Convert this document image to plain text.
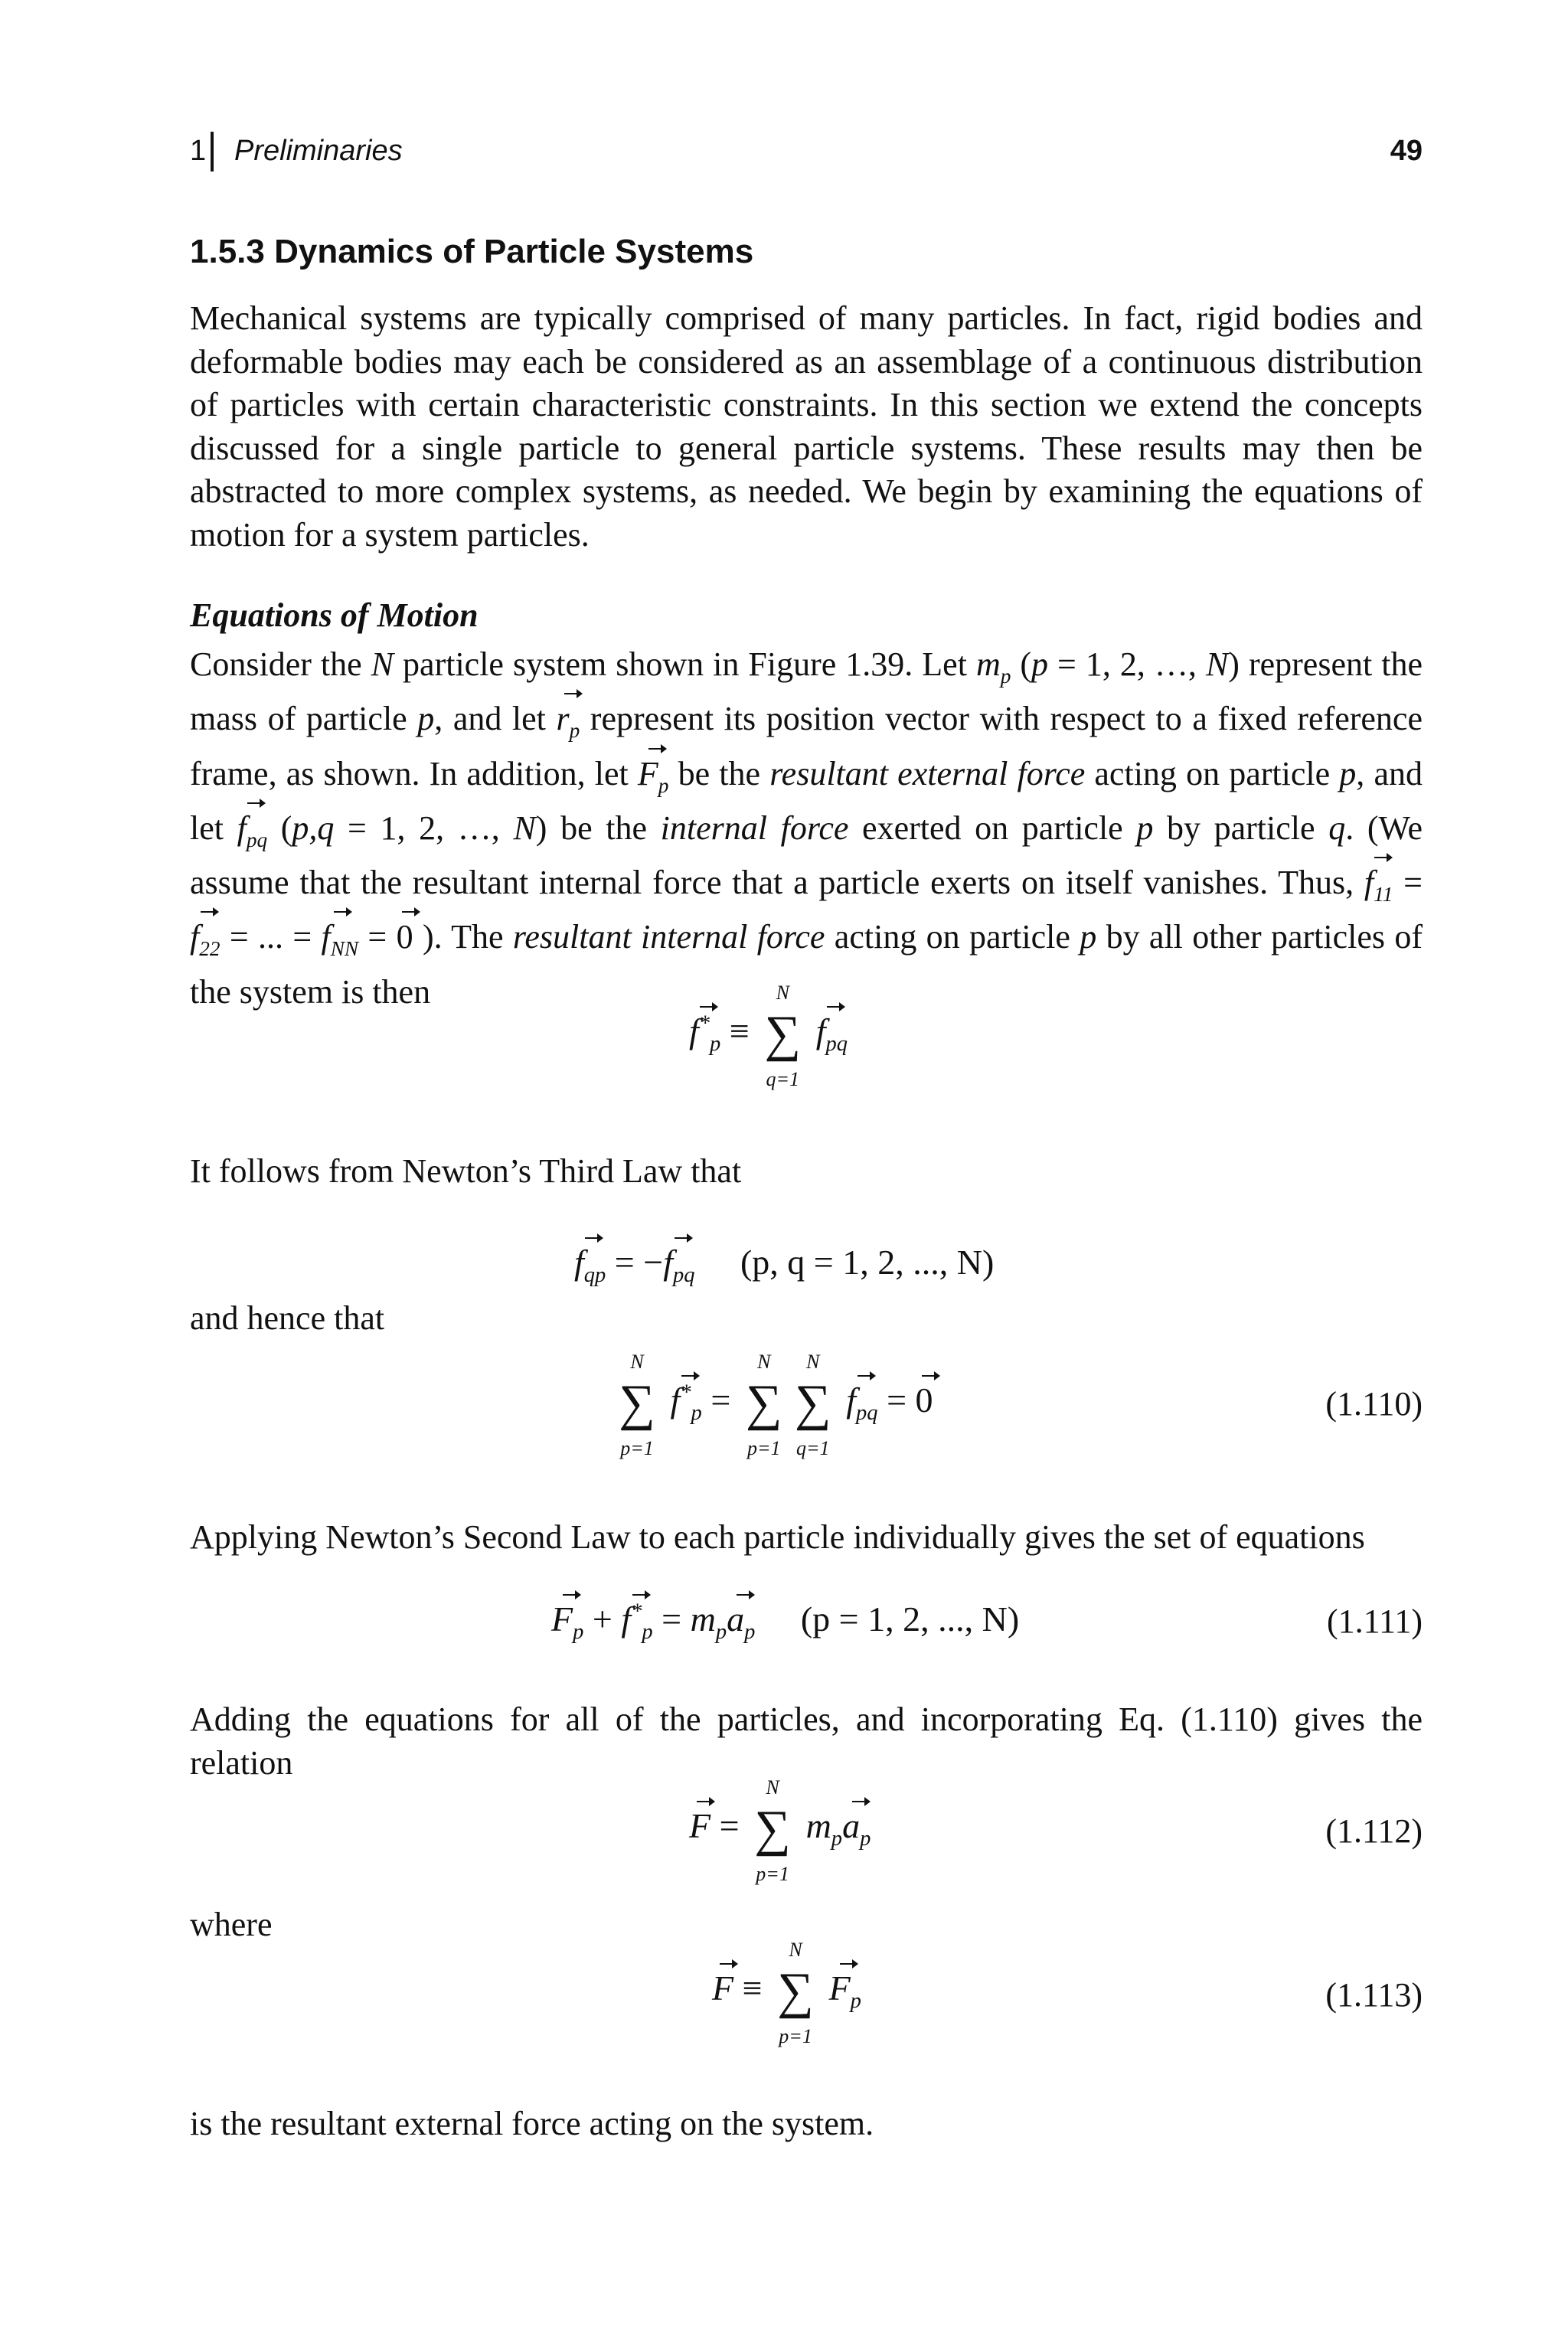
1 Preliminaries	49
1.5.3 Dynamics of Particle Systems
Mechanical systems are typically comprised of many particles. In fact, rigid bodies and deformable bodies may each be considered as an assemblage of a continuous distribution of particles with certain characteristic constraints. In this section we extend the concepts discussed for a single particle to general particle systems. These results may then be abstracted to more complex systems, as needed. We begin by examining the equations of motion for a system particles.
Equations of Motion
Consider the N particle system shown in Figure 1.39. Let $m_p$ (p = 1, 2, …, N) represent the mass of particle p, and let $r_p$ represent its position vector with respect to a fixed reference frame, as shown. In addition, let $F_p$ be the resultant external force acting on particle p, and let $f_{pq}$ (p,q = 1, 2, …, N) be the internal force exerted on particle p by particle q. (We assume that the resultant internal force that a particle exerts on itself vanishes. Thus, $f_{11} = f_{22}$ = ... = $f_{NN} = 0$ ). The resultant internal force acting on particle p by all other particles of the system is then
$f^*_p$ ≡ ∑
N
q=1
$f_{pq}$
It follows from Newton’s Third Law that
$f_{qp} = -f_{pq}$ (p, q = 1, 2, ..., N)
and hence that
∑
N
p=1
$f^*_p$ = ∑
N
p=1
∑
N
q=1
$f_{pq} = 0$	(1.110)
Applying Newton’s Second Law to each particle individually gives the set of equations
$F_p + f^*_p = m_pa_p$ (p = 1, 2, ..., N)	(1.111)
Adding the equations for all of the particles, and incorporating Eq. (1.110) gives the relation
F = ∑
N
p=1
$m_pa_p$	(1.112)
where
F ≡ ∑
N
p=1
$F_p$	(1.113)
is the resultant external force acting on the system.
